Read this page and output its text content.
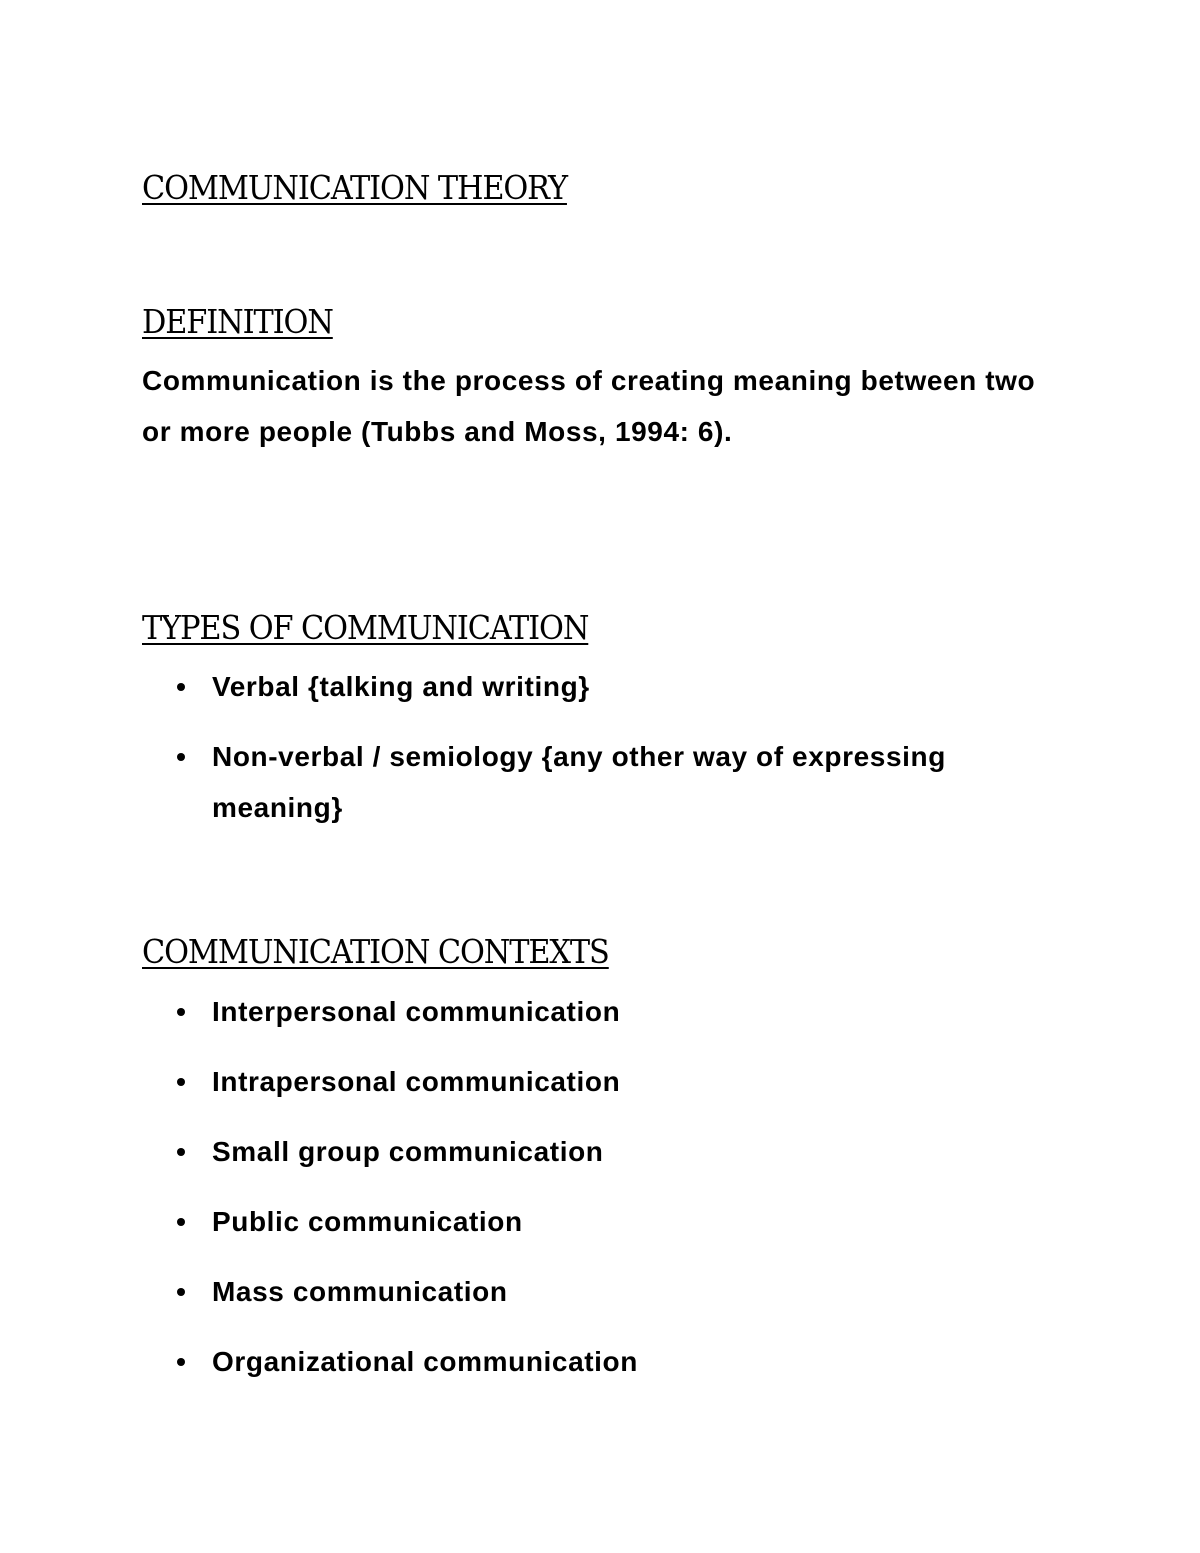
COMMUNICATION THEORY
DEFINITION

Communication is the process of creating meaning between two or more people (Tubbs and Moss, 1994: 6).

TYPES OF COMMUNICATION
Verbal {talking and writing}
Non-verbal / semiology {any other way of expressing meaning}
COMMUNICATION CONTEXTS
Interpersonal communication
Intrapersonal communication
Small group communication
Public communication
Mass communication
Organizational communication
